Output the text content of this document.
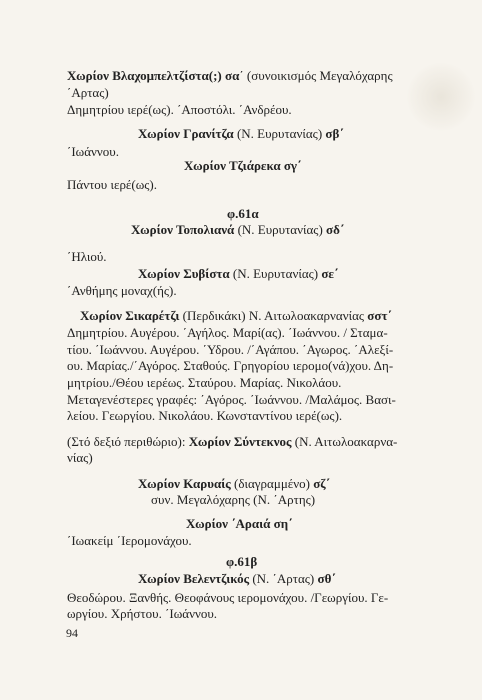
Χωρίον Βλαχομπελτζίστα(;) σα΄ (συνοικισμός Μεγαλόχαρης
΄Αρτας)
Δημητρίου ιερέ(ως). ΄Αποστόλι. ΄Ανδρέου.
Χωρίον Γρανίτζα (Ν. Ευρυτανίας) σβ΄
΄Ιωάννου.
Χωρίον Τζιάρεκα σγ΄
Πάντου ιερέ(ως).
φ.61α
Χωρίον Τοπολιανά (Ν. Ευρυτανίας) σδ΄
΄Ηλιού.
Χωρίον Συβίστα (Ν. Ευρυτανίας) σε΄
΄Ανθήμης μοναχ(ής).
Χωρίον Σικαρέτζι (Περδικάκι) Ν. Αιτωλοακαρνανίας σστ΄
Δημητρίου. Αυγέρου. ΄Αγήλος. Μαρί(ας). ΄Ιωάννου. / Σταμα-
τίου. ΄Ιωάννου. Αυγέρου. ΄Υδρου. /΄Αγάπου. ΄Αγωρος. ΄Αλεξί-
ου. Μαρίας./΄Αγόρος. Σταθούς. Γρηγορίου ιερομο(νά)χου. Δη-
μητρίου./Θέου ιερέως. Σταύρου. Μαρίας. Νικολάου.
Μεταγενέστερες γραφές: ΄Αγόρος. ΄Ιωάννου. /Μαλάμος. Βασι-
λείου. Γεωργίου. Νικολάου. Κωνσταντίνου ιερέ(ως).
(Στό δεξιό περιθώριο): Χωρίον Σύντεκνος (Ν. Αιτωλοακαρνα-
νίας)
Χωρίον Καρυαίς (διαγραμμένο) σζ΄
συν. Μεγαλόχαρης (Ν. ΄Αρτης)
Χωρίον ΄Αραιά ση΄
΄Ιωακείμ ΄Ιερομονάχου.
φ.61β
Χωρίον Βελεντζικός (Ν. ΄Αρτας) σθ΄
Θεοδώρου. Ξανθής. Θεοφάνους ιερομονάχου. /Γεωργίου. Γε-
ωργίου. Χρήστου. ΄Ιωάννου.
94
